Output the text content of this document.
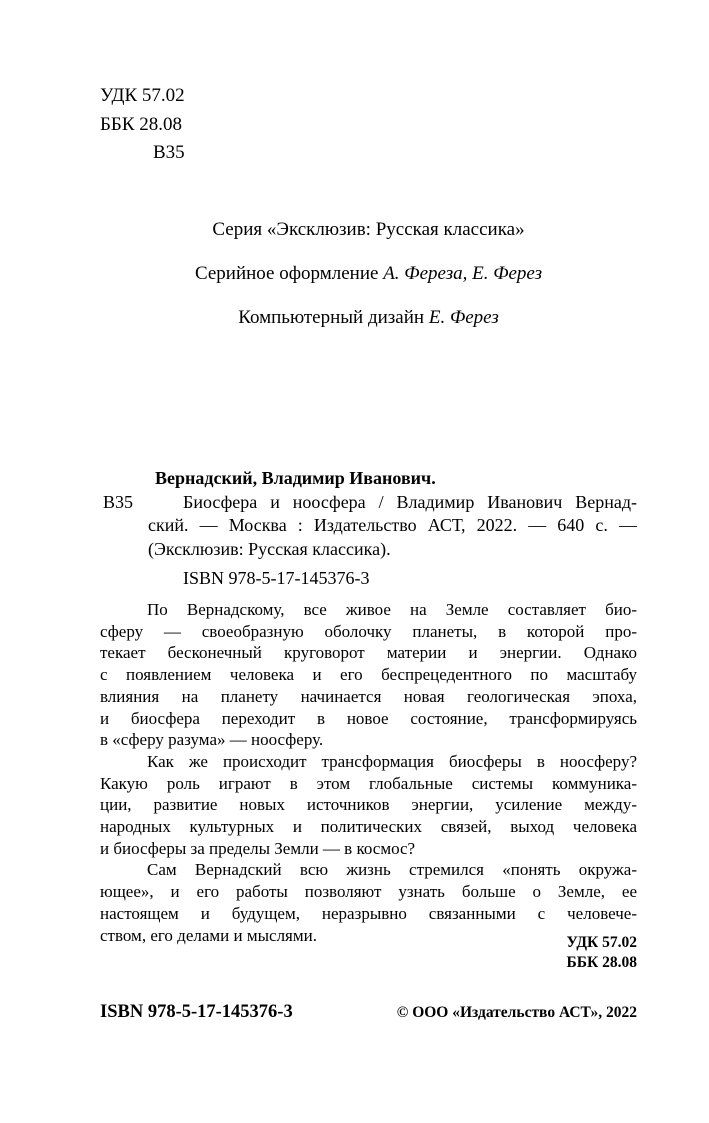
УДК 57.02
ББК 28.08
В35
Серия «Эксклюзив: Русская классика»
Серийное оформление А. Фереза, Е. Ферез
Компьютерный дизайн Е. Ферез
В35
Вернадский, Владимир Иванович.
Биосфера и ноосфера / Владимир Иванович Вернад-
ский. — Москва : Издательство АСТ, 2022. — 640 с. —
(Эксклюзив: Русская классика).
ISBN 978-5-17-145376-3
По Вернадскому, все живое на Земле составляет био-
сферу — своеобразную оболочку планеты, в которой про-
текает бесконечный круговорот материи и энергии. Однако
с появлением человека и его беспрецедентного по масштабу
влияния на планету начинается новая геологическая эпоха,
и биосфера переходит в новое состояние, трансформируясь
в «сферу разума» — ноосферу.
Как же происходит трансформация биосферы в ноосферу?
Какую роль играют в этом глобальные системы коммуника-
ции, развитие новых источников энергии, усиление между-
народных культурных и политических связей, выход человека
и биосферы за пределы Земли — в космос?
Сам Вернадский всю жизнь стремился «понять окружа-
ющее», и его работы позволяют узнать больше о Земле, ее
настоящем и будущем, неразрывно связанными с человече-
ством, его делами и мыслями.	УДК 57.02
ББК 28.08
ISBN 978-5-17-145376-3	© ООО «Издательство АСТ», 2022
